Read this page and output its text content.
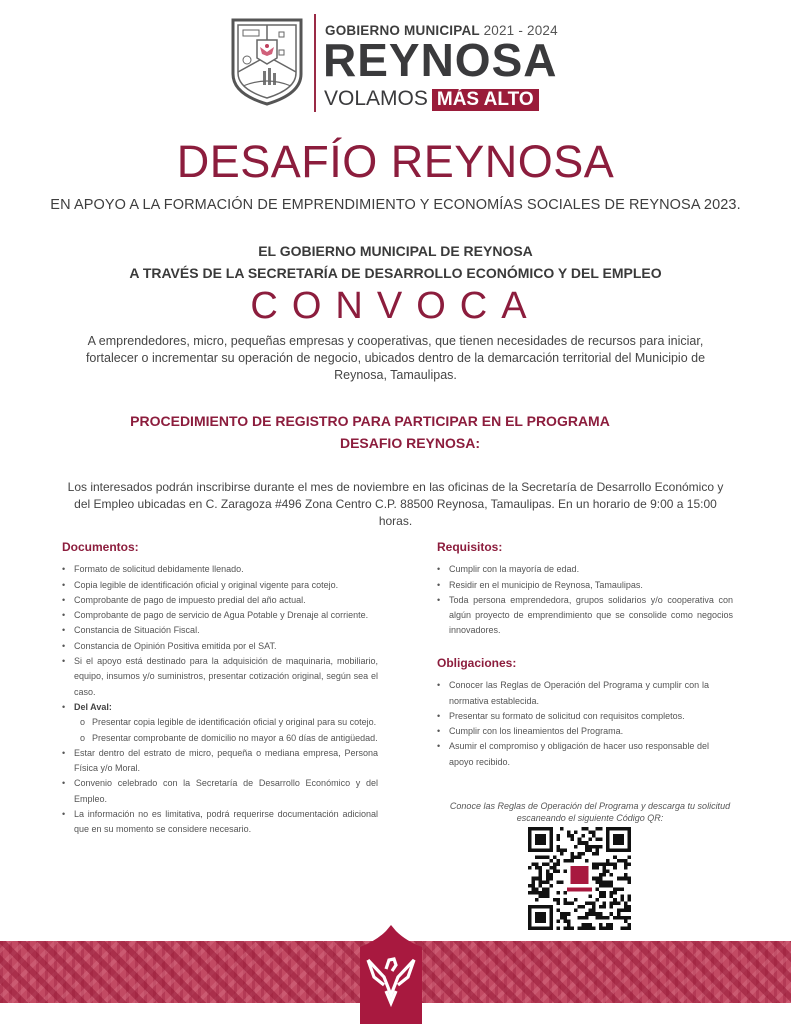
GOBIERNO MUNICIPAL 2021 - 2024
REYNOSA
VOLAMOS MÁS ALTO
DESAFÍO REYNOSA
EN APOYO A LA FORMACIÓN DE EMPRENDIMIENTO Y ECONOMÍAS SOCIALES DE REYNOSA 2023.
EL GOBIERNO MUNICIPAL DE REYNOSA
A TRAVÉS DE LA SECRETARÍA DE DESARROLLO ECONÓMICO Y DEL EMPLEO
CONVOCA
A emprendedores, micro, pequeñas empresas y cooperativas, que tienen necesidades de recursos para iniciar, fortalecer o incrementar su operación de negocio, ubicados dentro de la demarcación territorial del Municipio de Reynosa, Tamaulipas.
PROCEDIMIENTO DE REGISTRO PARA PARTICIPAR EN EL PROGRAMA
DESAFIO REYNOSA:
Los interesados podrán inscribirse durante el mes de noviembre en las oficinas de la Secretaría de Desarrollo Económico y del Empleo ubicadas en C. Zaragoza #496 Zona Centro C.P. 88500 Reynosa, Tamaulipas. En un horario de 9:00 a 15:00 horas.
Documentos:
• Formato de solicitud debidamente llenado.
• Copia legible de identificación oficial y original vigente para cotejo.
• Comprobante de pago de impuesto predial del año actual.
• Comprobante de pago de servicio de Agua Potable y Drenaje al corriente.
• Constancia de Situación Fiscal.
• Constancia de Opinión Positiva emitida por el SAT.
• Si el apoyo está destinado para la adquisición de maquinaria, mobiliario, equipo, insumos y/o suministros, presentar cotización original, según sea el caso.
• Del Aval:
o Presentar copia legible de identificación oficial y original para su cotejo.
o Presentar comprobante de domicilio no mayor a 60 días de antigüedad.
• Estar dentro del estrato de micro, pequeña o mediana empresa, Persona Física y/o Moral.
• Convenio celebrado con la Secretaría de Desarrollo Económico y del Empleo.
• La información no es limitativa, podrá requerirse documentación adicional que en su momento se considere necesario.
Requisitos:
• Cumplir con la mayoría de edad.
• Residir en el municipio de Reynosa, Tamaulipas.
• Toda persona emprendedora, grupos solidarios y/o cooperativa con algún proyecto de emprendimiento que se consolide como negocios innovadores.
Obligaciones:
• Conocer las Reglas de Operación del Programa y cumplir con la normativa establecida.
• Presentar su formato de solicitud con requisitos completos.
• Cumplir con los lineamientos del Programa.
• Asumir el compromiso y obligación de hacer uso responsable del apoyo recibido.
Conoce las Reglas de Operación del Programa y descarga tu solicitud
escaneando el siguiente Código QR:
